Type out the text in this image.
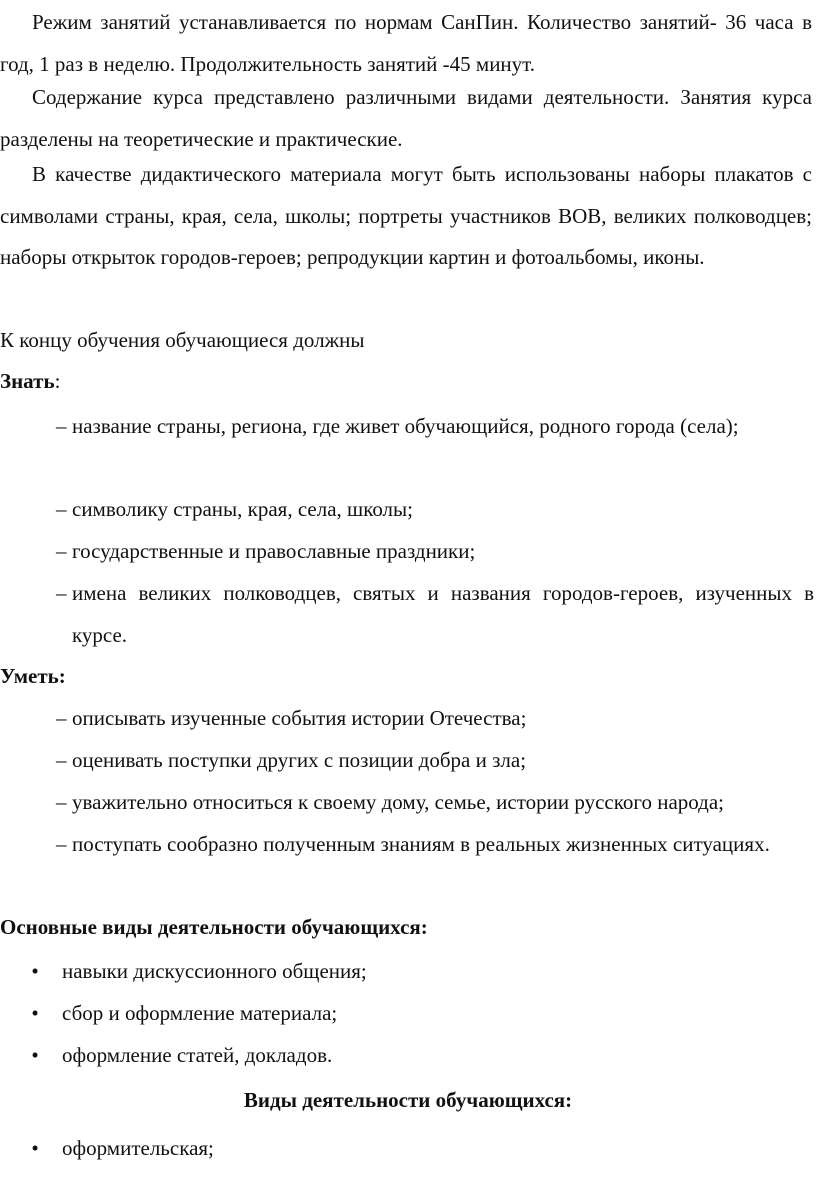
Режим занятий устанавливается по нормам СанПин. Количество занятий- 36 часа в год, 1 раз в неделю. Продолжительность занятий -45 минут.

Содержание курса представлено различными видами деятельности. Занятия курса разделены на теоретические и практические.

В качестве дидактического материала могут быть использованы наборы плакатов с символами страны, края, села, школы; портреты участников ВОВ, великих полководцев; наборы открыток городов-героев; репродукции картин и фотоальбомы, иконы.

К концу обучения обучающиеся должны

Знать:

– название страны, региона, где живет обучающийся, родного города (села);

– символику страны, края, села, школы;

– государственные и православные праздники;

– имена великих полководцев, святых и названия городов-героев, изученных в курсе.

Уметь:

– описывать изученные события истории Отечества;

– оценивать поступки других с позиции добра и зла;

– уважительно относиться к своему дому, семье, истории русского народа;

– поступать сообразно полученным знаниям в реальных жизненных ситуациях.

Основные виды деятельности обучающихся:

• навыки дискуссионного общения;

• сбор и оформление материала;

• оформление статей, докладов.

Виды деятельности обучающихся:

• оформительская;
